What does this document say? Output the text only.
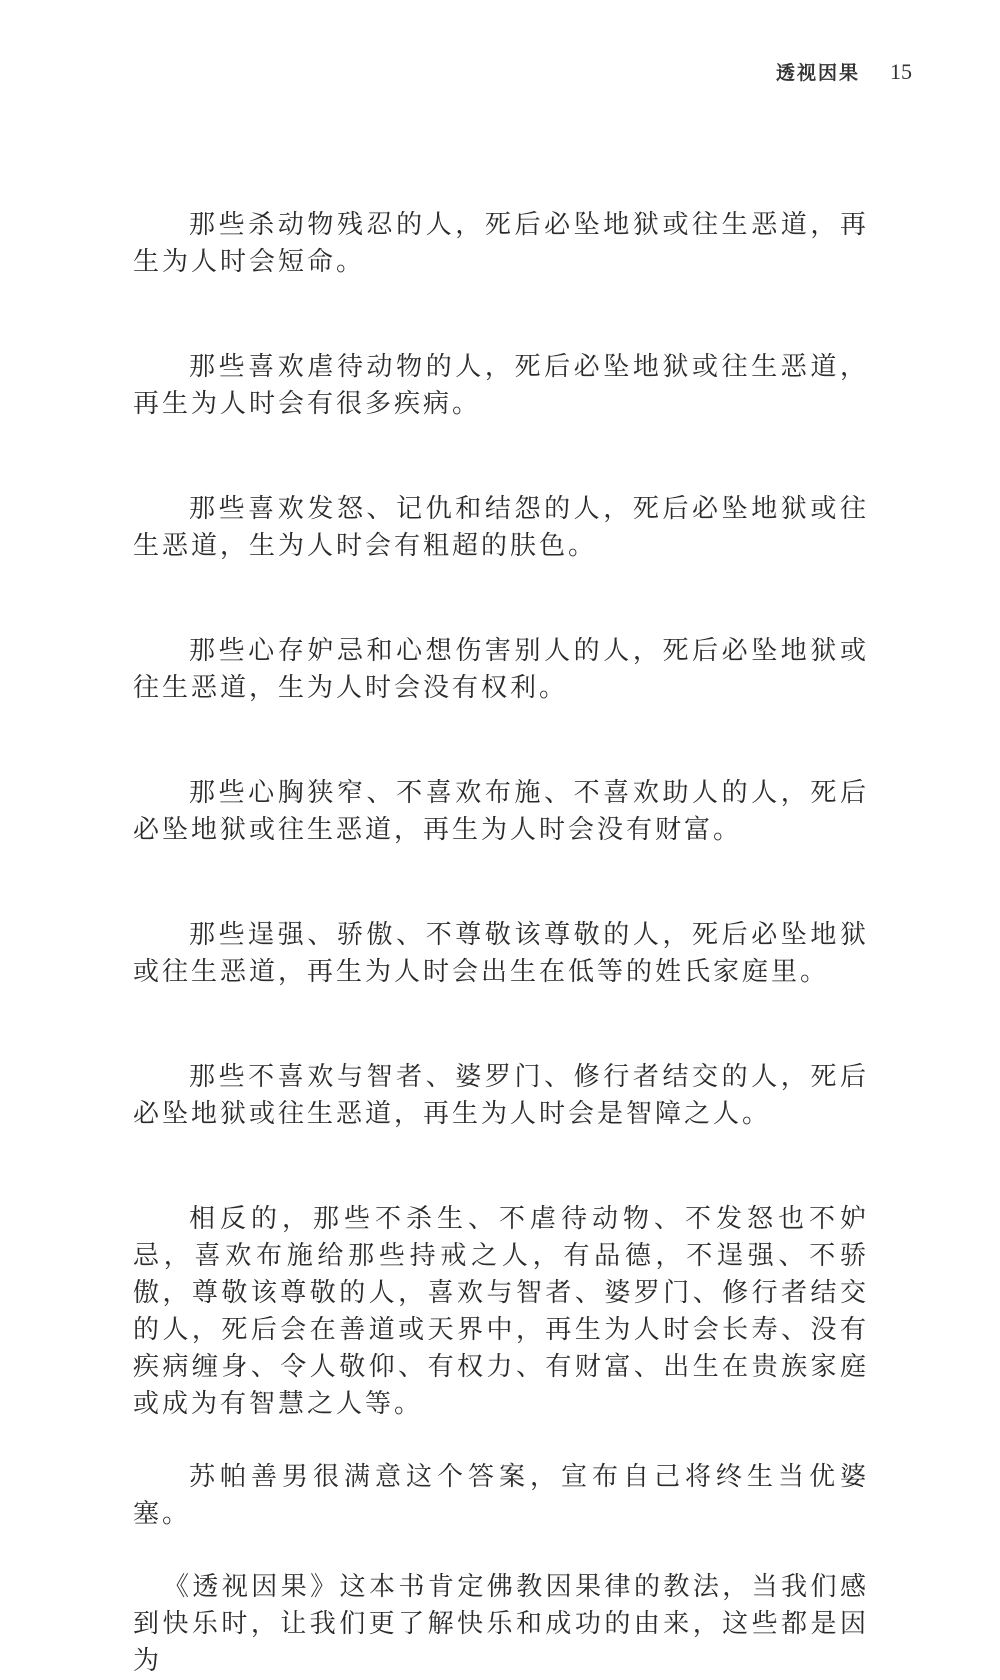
透视因果 15

那些杀动物残忍的人，死后必坠地狱或往生恶道，再生为人时会短命。

那些喜欢虐待动物的人，死后必坠地狱或往生恶道，再生为人时会有很多疾病。

那些喜欢发怒、记仇和结怨的人，死后必坠地狱或往生恶道，生为人时会有粗超的肤色。

那些心存妒忌和心想伤害别人的人，死后必坠地狱或往生恶道，生为人时会没有权利。

那些心胸狭窄、不喜欢布施、不喜欢助人的人，死后必坠地狱或往生恶道，再生为人时会没有财富。

那些逞强、骄傲、不尊敬该尊敬的人，死后必坠地狱或往生恶道，再生为人时会出生在低等的姓氏家庭里。

那些不喜欢与智者、婆罗门、修行者结交的人，死后必坠地狱或往生恶道，再生为人时会是智障之人。

相反的，那些不杀生、不虐待动物、不发怒也不妒忌，喜欢布施给那些持戒之人，有品德，不逞强、不骄傲，尊敬该尊敬的人，喜欢与智者、婆罗门、修行者结交的人，死后会在善道或天界中，再生为人时会长寿、没有疾病缠身、令人敬仰、有权力、有财富、出生在贵族家庭或成为有智慧之人等。

苏帕善男很满意这个答案，宣布自己将终生当优婆塞。

《透视因果》这本书肯定佛教因果律的教法，当我们感到快乐时，让我们更了解快乐和成功的由来，这些都是因为
